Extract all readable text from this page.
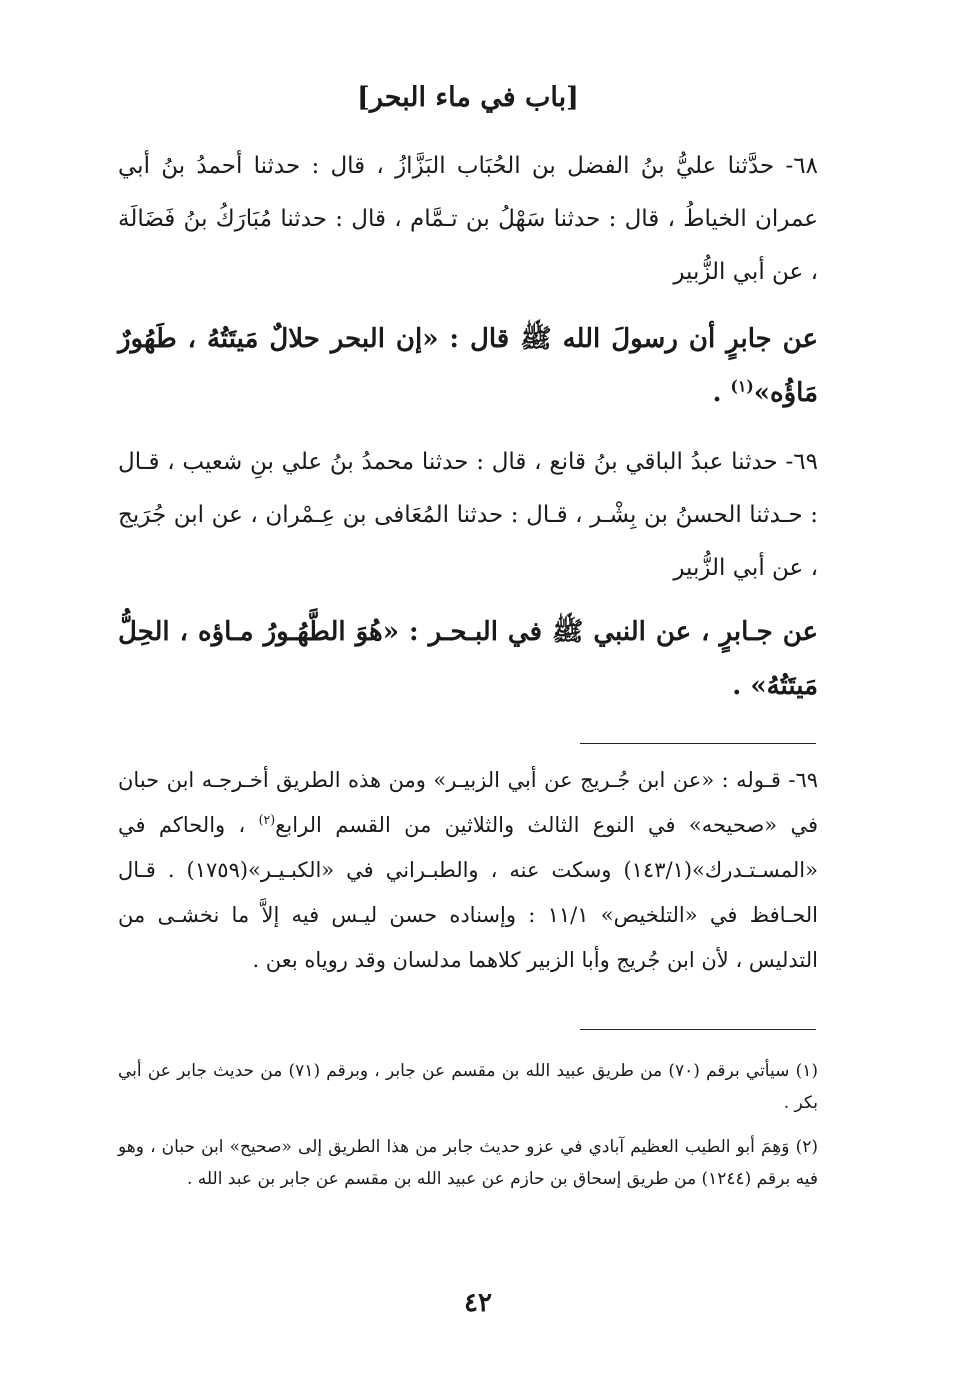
[باب في ماء البحر]
٦٨- حدَّثنا عليُّ بنُ الفضل بن الحُبَاب البَزَّازُ ، قال : حدثنا أحمدُ بنُ أبي عمران الخياطُ ، قال : حدثنا سَهْلُ بن تـمَّام ، قال : حدثنا مُبَارَكُ بنُ فَضَالَة ، عن أبي الزُّبير
عن جابرٍ أن رسولَ الله ﷺ قال : «إن البحر حلالٌ مَيتَتُهُ ، طَهُورٌ مَاؤُه»$^{(١)}$ .
٦٩- حدثنا عبدُ الباقي بنُ قانع ، قال : حدثنا محمدُ بنُ علي بنِ شعيب ، قـال : حـدثنا الحسنُ بن بِشْـر ، قـال : حدثنا المُعَافى بن عِـمْران ، عن ابن جُرَيج ، عن أبي الزُّبير
عن جـابرٍ ، عن النبي ﷺ في البـحـر : «هُوَ الطَّهُـورُ مـاؤه ، الحِلُّ مَيتَتُهُ» .
٦٩- قـوله : «عن ابن جُـريج عن أبي الزبيـر» ومن هذه الطريق أخـرجـه ابن حبان في «صحيحه» في النوع الثالث والثلاثين من القسم الرابع$^{(٢)}$ ، والحاكم في «المسـتـدرك»(١٤٣/١) وسكت عنه ، والطبـراني في «الكبـيـر»(١٧٥٩) . قـال الحـافظ في «التلخيص» ١١/١ : وإسناده حسن ليـس فيه إلاَّ ما نخشـى من التدليس ، لأن ابن جُريج وأبا الزبير كلاهما مدلسان وقد روياه بعن .
(١) سيأتي برقم (٧٠) من طريق عبيد الله بن مقسم عن جابر ، وبرقم (٧١) من حديث جابر عن أبي بكر .
(٢) وَهِمَ أبو الطيب العظيم آبادي في عزو حديث جابر من هذا الطريق إلى «صحيح» ابن حبان ، وهو فيه برقم (١٢٤٤) من طريق إسحاق بن حازم عن عبيد الله بن مقسم عن جابر بن عبد الله .
٤٢
